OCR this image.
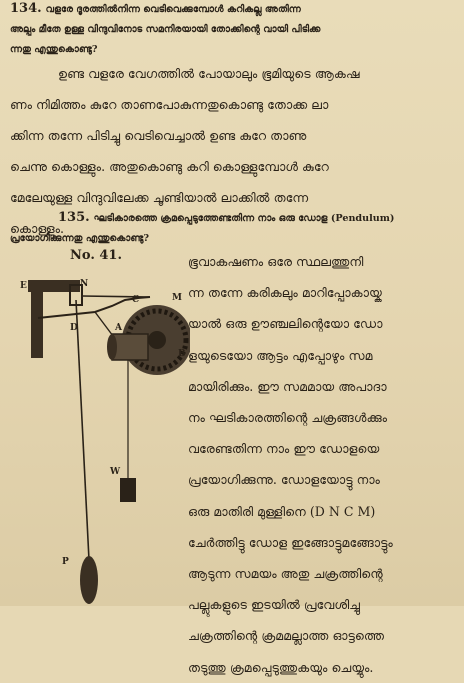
134. വളരേ ദൂരത്തിൽനിന്ന വെടിവെക്കുമ്പോൾ കറികല്ല അതിന്ന
അല്പം മീതേ ഉള്ള വിന്ദുവിനോട സമനിരയായി തോക്കിന്റെ വായി പിടിക്ക
ന്നതു എന്തുകൊണ്ടു?
ഉണ്ട വളരേ വേഗത്തിൽ പോയാലും ഭൂമിയുടെ ആകഷ
ണം നിമിത്തം കുറേ താണപോകുന്നതുകൊണ്ടു തോക്ക ലാ
ക്കിന്ന തന്നേ പിടിച്ചു വെടിവെച്ചാൽ ഉണ്ട കുറേ താണു
ചെന്നു കൊള്ളും. അതുകൊണ്ടു കറി കൊള്ളുമ്പോൾ കുറേ
മേലേയുള്ള വിന്ദുവിലേക്ക ചൂണ്ടിയാൽ ലാക്കിൽ തന്നേ
കൊള്ളും.
135. ഘടികാരത്തെ ക്രമപ്പെടുത്തേണ്ടതിന്ന നാം ഒരു ഡോള (Pendulum)
പ്രയോഗിക്കുന്നതു എന്തുകൊണ്ടു?
No. 41.
E	N
D
C	M
A
B
W
P
ഭൂവാകഷണം ഒരേ സ്ഥലത്തുനി
ന്ന തന്നേ കരികലും മാറിപ്പോകായ്ക
യാൽ ഒരു ഊഞ്ചലിന്റെയോ ഡോ
ളയുടെയോ ആട്ടം എപ്പോഴും സമ
മായിരിക്കും. ഈ സമമായ അപാദാ
നം ഘടികാരത്തിന്റെ ചക്രങ്ങൾക്കും
വരേണ്ടതിന്ന നാം ഈ ഡോളയെ
പ്രയോഗിക്കുന്നു. ഡോളയോട്ടു നാം
ഒരു മാതിരി മുള്ളിനെ (D N C M)
ചേർത്തിട്ടു ഡോള ഇങ്ങോട്ടുമങ്ങോട്ടും
ആടുന്ന സമയം അതു ചക്രത്തിന്റെ
പല്ലുകളുടെ ഇടയിൽ പ്രവേശിച്ചു
ചക്രത്തിന്റെ ക്രമമല്ലാത്ത ഓട്ടത്തെ
തടുത്തു ക്രമപ്പെടുത്തുകയും ചെയ്യും.
